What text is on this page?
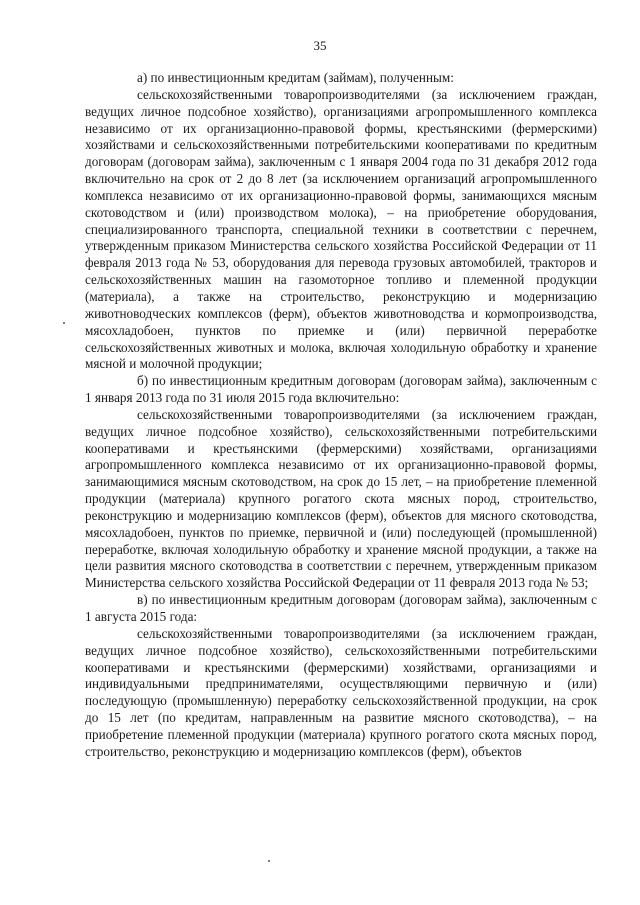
35

а) по инвестиционным кредитам (займам), полученным:

сельскохозяйственными товаропроизводителями (за исключением граждан, ведущих личное подсобное хозяйство), организациями агропромышленного комплекса независимо от их организационно-правовой формы, крестьянскими (фермерскими) хозяйствами и сельскохозяйственными потребительскими кооперативами по кредитным договорам (договорам займа), заключенным с 1 января 2004 года по 31 декабря 2012 года включительно на срок от 2 до 8 лет (за исключением организаций агропромышленного комплекса независимо от их организационно-правовой формы, занимающихся мясным скотоводством и (или) производством молока), – на приобретение оборудования, специализированного транспорта, специальной техники в соответствии с перечнем, утвержденным приказом Министерства сельского хозяйства Российской Федерации от 11 февраля 2013 года № 53, оборудования для перевода грузовых автомобилей, тракторов и сельскохозяйственных машин на газомоторное топливо и племенной продукции (материала), а также на строительство, реконструкцию и модернизацию животноводческих комплексов (ферм), объектов животноводства и кормопроизводства, мясохладобоен, пунктов по приемке и (или) первичной переработке сельскохозяйственных животных и молока, включая холодильную обработку и хранение мясной и молочной продукции;

б) по инвестиционным кредитным договорам (договорам займа), заключенным с 1 января 2013 года по 31 июля 2015 года включительно:

сельскохозяйственными товаропроизводителями (за исключением граждан, ведущих личное подсобное хозяйство), сельскохозяйственными потребительскими кооперативами и крестьянскими (фермерскими) хозяйствами, организациями агропромышленного комплекса независимо от их организационно-правовой формы, занимающимися мясным скотоводством, на срок до 15 лет, – на приобретение племенной продукции (материала) крупного рогатого скота мясных пород, строительство, реконструкцию и модернизацию комплексов (ферм), объектов для мясного скотоводства, мясохладобоен, пунктов по приемке, первичной и (или) последующей (промышленной) переработке, включая холодильную обработку и хранение мясной продукции, а также на цели развития мясного скотоводства в соответствии с перечнем, утвержденным приказом Министерства сельского хозяйства Российской Федерации от 11 февраля 2013 года № 53;

в) по инвестиционным кредитным договорам (договорам займа), заключенным с 1 августа 2015 года:

сельскохозяйственными товаропроизводителями (за исключением граждан, ведущих личное подсобное хозяйство), сельскохозяйственными потребительскими кооперативами и крестьянскими (фермерскими) хозяйствами, организациями и индивидуальными предпринимателями, осуществляющими первичную и (или) последующую (промышленную) переработку сельскохозяйственной продукции, на срок до 15 лет (по кредитам, направленным на развитие мясного скотоводства), – на приобретение племенной продукции (материала) крупного рогатого скота мясных пород, строительство, реконструкцию и модернизацию комплексов (ферм), объектов
